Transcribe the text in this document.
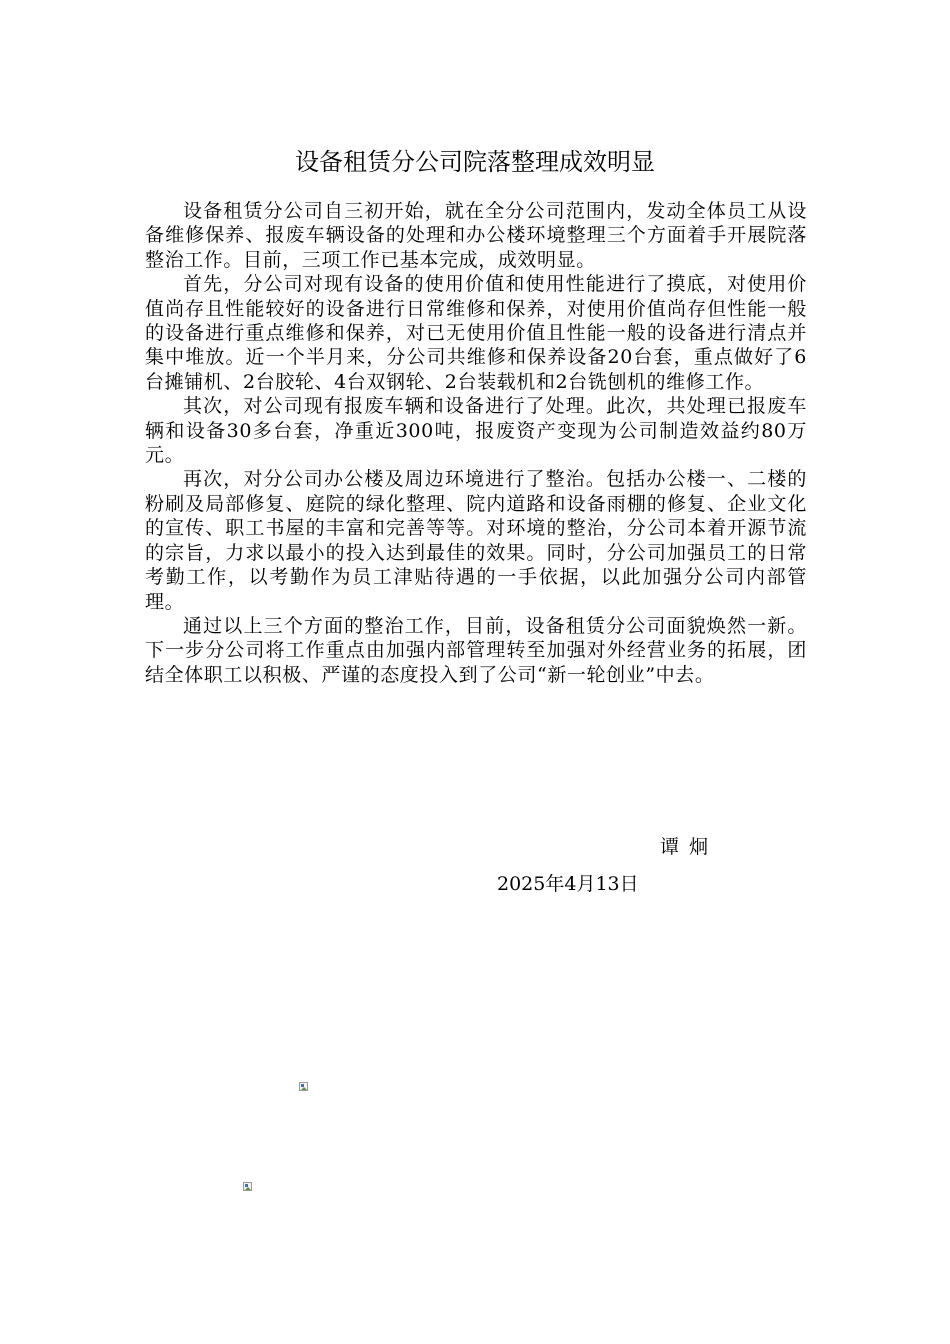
设备租赁分公司院落整理成效明显

设备租赁分公司自三初开始，就在全分公司范围内，发动全体员工从设备维修保养、报废车辆设备的处理和办公楼环境整理三个方面着手开展院落整治工作。目前，三项工作已基本完成，成效明显。

首先，分公司对现有设备的使用价值和使用性能进行了摸底，对使用价值尚存且性能较好的设备进行日常维修和保养，对使用价值尚存但性能一般的设备进行重点维修和保养，对已无使用价值且性能一般的设备进行清点并集中堆放。近一个半月来，分公司共维修和保养设备20台套，重点做好了6台摊铺机、2台胶轮、4台双钢轮、2台装载机和2台铣刨机的维修工作。

其次，对公司现有报废车辆和设备进行了处理。此次，共处理已报废车辆和设备30多台套，净重近300吨，报废资产变现为公司制造效益约80万元。

再次，对分公司办公楼及周边环境进行了整治。包括办公楼一、二楼的粉刷及局部修复、庭院的绿化整理、院内道路和设备雨棚的修复、企业文化的宣传、职工书屋的丰富和完善等等。对环境的整治，分公司本着开源节流的宗旨，力求以最小的投入达到最佳的效果。同时，分公司加强员工的日常考勤工作，以考勤作为员工津贴待遇的一手依据，以此加强分公司内部管理。

通过以上三个方面的整治工作，目前，设备租赁分公司面貌焕然一新。下一步分公司将工作重点由加强内部管理转至加强对外经营业务的拓展，团结全体职工以积极、严谨的态度投入到了公司“新一轮创业”中去。

谭 炯
2025年4月13日
